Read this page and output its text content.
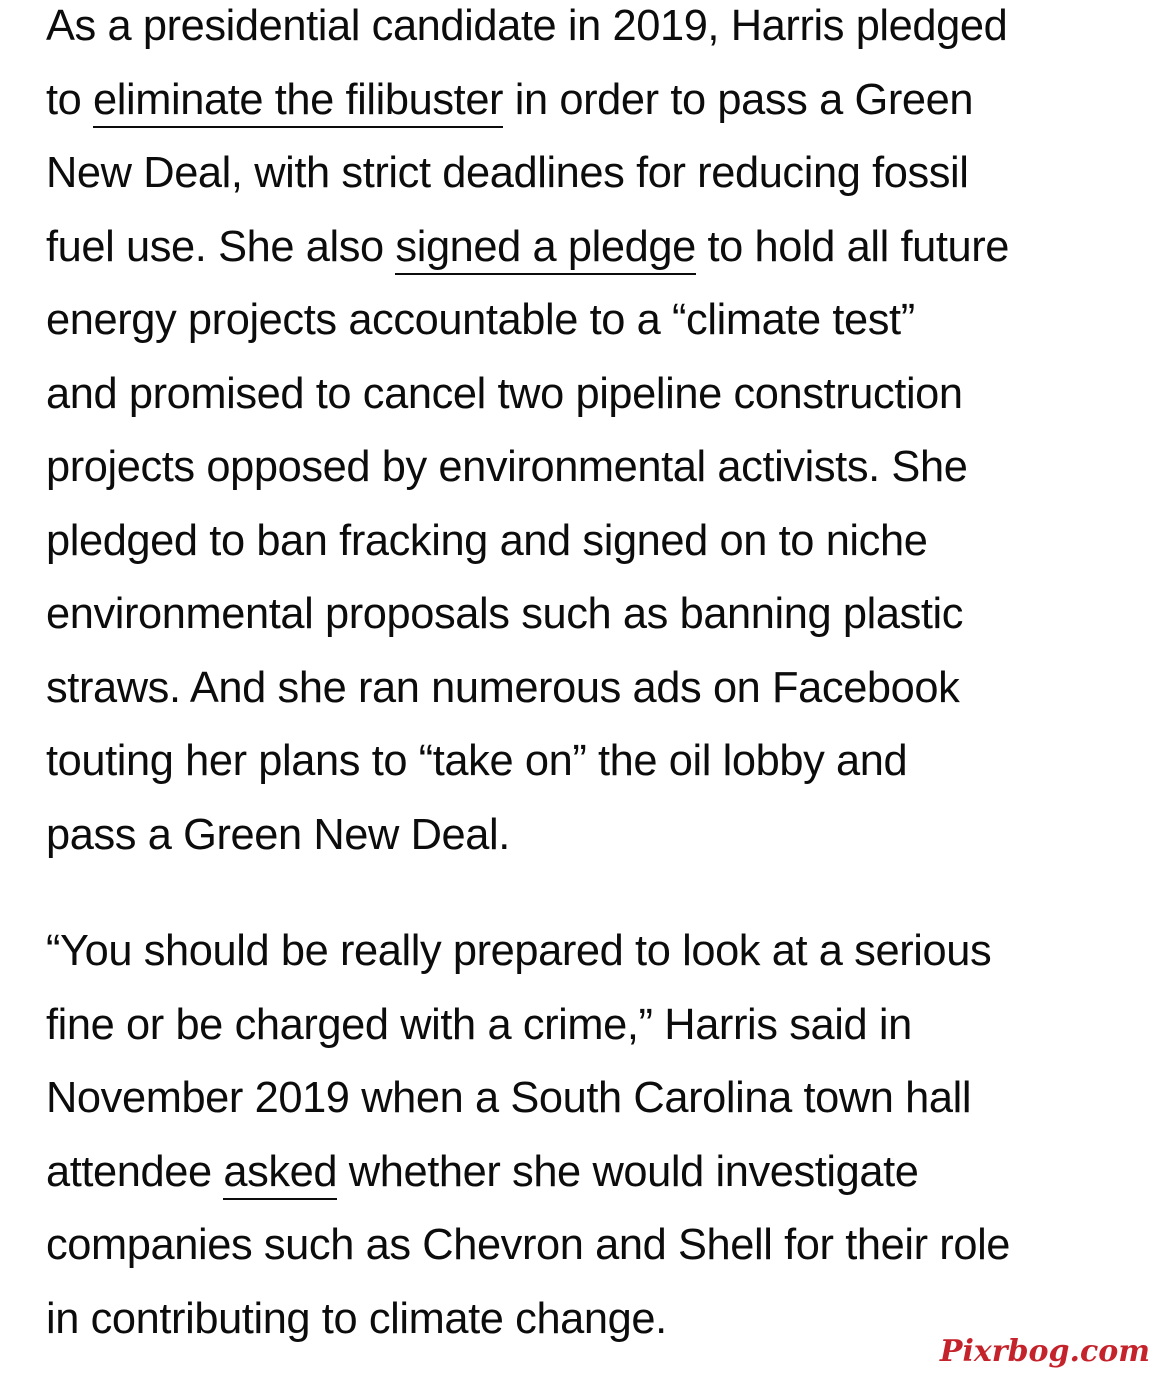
As a presidential candidate in 2019, Harris pledged
to eliminate the filibuster in order to pass a Green
New Deal, with strict deadlines for reducing fossil
fuel use. She also signed a pledge to hold all future
energy projects accountable to a “climate test”
and promised to cancel two pipeline construction
projects opposed by environmental activists. She
pledged to ban fracking and signed on to niche
environmental proposals such as banning plastic
straws. And she ran numerous ads on Facebook
touting her plans to “take on” the oil lobby and
pass a Green New Deal.

“You should be really prepared to look at a serious
fine or be charged with a crime,” Harris said in
November 2019 when a South Carolina town hall
attendee asked whether she would investigate
companies such as Chevron and Shell for their role
in contributing to climate change.

Pixrbog.com
